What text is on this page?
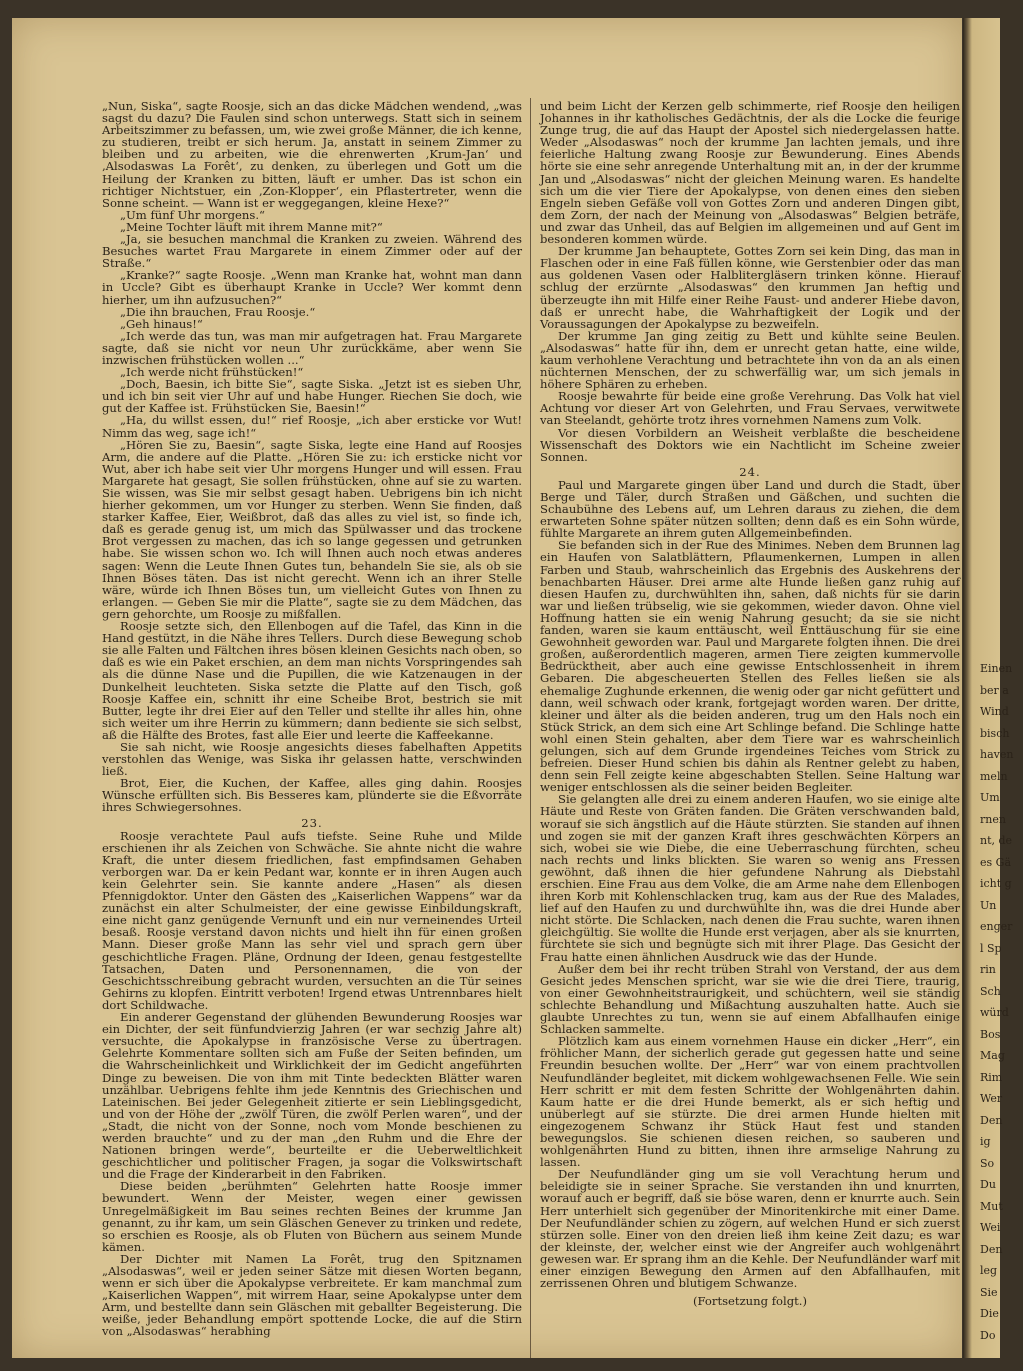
„Nun, Siska“, sagte Roosje, sich an das dicke Mädchen wendend, „was sagst du dazu? Die Faulen sind schon unterwegs. Statt sich in seinem Arbeitszimmer zu befassen, um, wie zwei große Männer, die ich kenne, zu studieren, treibt er sich herum. Ja, anstatt in seinem Zimmer zu bleiben und zu arbeiten, wie die ehrenwerten ‚Krum-Jan‘ und ‚Alsodaswas La Forêt‘, zu denken, zu überlegen und Gott um die Heilung der Kranken zu bitten, läuft er umher. Das ist schon ein richtiger Nichtstuer, ein ‚Zon-Klopper‘, ein Pflastertreter, wenn die Sonne scheint. — Wann ist er weggegangen, kleine Hexe?“

„Um fünf Uhr morgens.“

„Meine Tochter läuft mit ihrem Manne mit?“

„Ja, sie besuchen manchmal die Kranken zu zweien. Während des Besuches wartet Frau Margarete in einem Zimmer oder auf der Straße.“

„Kranke?“ sagte Roosje. „Wenn man Kranke hat, wohnt man dann in Uccle? Gibt es überhaupt Kranke in Uccle? Wer kommt denn hierher, um ihn aufzusuchen?“

„Die ihn brauchen, Frau Roosje.“

„Geh hinaus!“

„Ich werde das tun, was man mir aufgetragen hat. Frau Margarete sagte, daß sie nicht vor neun Uhr zurückkäme, aber wenn Sie inzwischen frühstücken wollen ...“

„Ich werde nicht frühstücken!“

„Doch, Baesin, ich bitte Sie“, sagte Siska. „Jetzt ist es sieben Uhr, und ich bin seit vier Uhr auf und habe Hunger. Riechen Sie doch, wie gut der Kaffee ist. Frühstücken Sie, Baesin!“

„Ha, du willst essen, du!“ rief Roosje, „ich aber ersticke vor Wut! Nimm das weg, sage ich!“

„Hören Sie zu, Baesin“, sagte Siska, legte eine Hand auf Roosjes Arm, die andere auf die Platte. „Hören Sie zu: ich ersticke nicht vor Wut, aber ich habe seit vier Uhr morgens Hunger und will essen. Frau Margarete hat gesagt, Sie sollen frühstücken, ohne auf sie zu warten. Sie wissen, was Sie mir selbst gesagt haben. Uebrigens bin ich nicht hierher gekommen, um vor Hunger zu sterben. Wenn Sie finden, daß starker Kaffee, Eier, Weißbrot, daß das alles zu viel ist, so finde ich, daß es gerade genug ist, um mich das Spülwasser und das trockene Brot vergessen zu machen, das ich so lange gegessen und getrunken habe. Sie wissen schon wo. Ich will Ihnen auch noch etwas anderes sagen: Wenn die Leute Ihnen Gutes tun, behandeln Sie sie, als ob sie Ihnen Böses täten. Das ist nicht gerecht. Wenn ich an ihrer Stelle wäre, würde ich Ihnen Böses tun, um vielleicht Gutes von Ihnen zu erlangen. — Geben Sie mir die Platte“, sagte sie zu dem Mädchen, das gern gehorchte, um Roosje zu mißfallen.

Roosje setzte sich, den Ellenbogen auf die Tafel, das Kinn in die Hand gestützt, in die Nähe ihres Tellers. Durch diese Bewegung schob sie alle Falten und Fältchen ihres bösen kleinen Gesichts nach oben, so daß es wie ein Paket erschien, an dem man nichts Vorspringendes sah als die dünne Nase und die Pupillen, die wie Katzenaugen in der Dunkelheit leuchteten. Siska setzte die Platte auf den Tisch, goß Roosje Kaffee ein, schnitt ihr eine Scheibe Brot, bestrich sie mit Butter, legte ihr drei Eier auf den Teller und stellte ihr alles hin, ohne sich weiter um ihre Herrin zu kümmern; dann bediente sie sich selbst, aß die Hälfte des Brotes, fast alle Eier und leerte die Kaffeekanne.

Sie sah nicht, wie Roosje angesichts dieses fabelhaften Appetits verstohlen das Wenige, was Siska ihr gelassen hatte, verschwinden ließ.

Brot, Eier, die Kuchen, der Kaffee, alles ging dahin. Roosjes Wünsche erfüllten sich. Bis Besseres kam, plünderte sie die Eßvorräte ihres Schwiegersohnes.

23.

Roosje verachtete Paul aufs tiefste. Seine Ruhe und Milde erschienen ihr als Zeichen von Schwäche. Sie ahnte nicht die wahre Kraft, die unter diesem friedlichen, fast empfindsamen Gehaben verborgen war. Da er kein Pedant war, konnte er in ihren Augen auch kein Gelehrter sein. Sie kannte andere „Hasen“ als diesen Pfennigdoktor. Unter den Gästen des „Kaiserlichen Wappens“ war da zunächst ein alter Schulmeister, der eine gewisse Einbildungskraft, eine nicht ganz genügende Vernunft und ein nur verneinendes Urteil besaß. Roosje verstand davon nichts und hielt ihn für einen großen Mann. Dieser große Mann las sehr viel und sprach gern über geschichtliche Fragen. Pläne, Ordnung der Ideen, genau festgestellte Tatsachen, Daten und Personennamen, die von der Geschichtsschreibung gebracht wurden, versuchten an die Tür seines Gehirns zu klopfen. Eintritt verboten! Irgend etwas Untrennbares hielt dort Schildwache.

Ein anderer Gegenstand der glühenden Bewunderung Roosjes war ein Dichter, der seit fünfundvierzig Jahren (er war sechzig Jahre alt) versuchte, die Apokalypse in französische Verse zu übertragen. Gelehrte Kommentare sollten sich am Fuße der Seiten befinden, um die Wahrscheinlichkeit und Wirklichkeit der im Gedicht angeführten Dinge zu beweisen. Die von ihm mit Tinte bedeckten Blätter waren unzählbar. Uebrigens fehlte ihm jede Kenntnis des Griechischen und Lateinischen. Bei jeder Gelegenheit zitierte er sein Lieblingsgedicht, und von der Höhe der „zwölf Türen, die zwölf Perlen waren“, und der „Stadt, die nicht von der Sonne, noch vom Monde beschienen zu werden brauchte“ und zu der man „den Ruhm und die Ehre der Nationen bringen werde“, beurteilte er die Ueberweltlichkeit geschichtlicher und politischer Fragen, ja sogar die Volkswirtschaft und die Frage der Kinderarbeit in den Fabriken.

Diese beiden „berühmten“ Gelehrten hatte Roosje immer bewundert. Wenn der Meister, wegen einer gewissen Unregelmäßigkeit im Bau seines rechten Beines der krumme Jan genannt, zu ihr kam, um sein Gläschen Genever zu trinken und redete, so erschien es Roosje, als ob Fluten von Büchern aus seinem Munde kämen.

Der Dichter mit Namen La Forêt, trug den Spitznamen „Alsodaswas“, weil er jeden seiner Sätze mit diesen Worten begann, wenn er sich über die Apokalypse verbreitete. Er kam manchmal zum „Kaiserlichen Wappen“, mit wirrem Haar, seine Apokalypse unter dem Arm, und bestellte dann sein Gläschen mit geballter Begeisterung. Die weiße, jeder Behandlung empört spottende Locke, die auf die Stirn von „Alsodaswas“ herabhing

und beim Licht der Kerzen gelb schimmerte, rief Roosje den heiligen Johannes in ihr katholisches Gedächtnis, der als die Locke die feurige Zunge trug, die auf das Haupt der Apostel sich niedergelassen hatte. Weder „Alsodaswas“ noch der krumme Jan lachten jemals, und ihre feierliche Haltung zwang Roosje zur Bewunderung. Eines Abends hörte sie eine sehr anregende Unterhaltung mit an, in der der krumme Jan und „Alsodaswas“ nicht der gleichen Meinung waren. Es handelte sich um die vier Tiere der Apokalypse, von denen eines den sieben Engeln sieben Gefäße voll von Gottes Zorn und anderen Dingen gibt, dem Zorn, der nach der Meinung von „Alsodaswas“ Belgien beträfe, und zwar das Unheil, das auf Belgien im allgemeinen und auf Gent im besonderen kommen würde.

Der krumme Jan behauptete, Gottes Zorn sei kein Ding, das man in Flaschen oder in eine Faß füllen könne, wie Gerstenbier oder das man aus goldenen Vasen oder Halblitergläsern trinken könne. Hierauf schlug der erzürnte „Alsodaswas“ den krummen Jan heftig und überzeugte ihn mit Hilfe einer Reihe Faust- und anderer Hiebe davon, daß er unrecht habe, die Wahrhaftigkeit der Logik und der Voraussagungen der Apokalypse zu bezweifeln.

Der krumme Jan ging zeitig zu Bett und kühlte seine Beulen. „Alsodaswas“ hatte für ihn, dem er unrecht getan hatte, eine wilde, kaum verhohlene Verachtung und betrachtete ihn von da an als einen nüchternen Menschen, der zu schwerfällig war, um sich jemals in höhere Sphären zu erheben.

Roosje bewahrte für beide eine große Verehrung. Das Volk hat viel Achtung vor dieser Art von Gelehrten, und Frau Servaes, verwitwete van Steelandt, gehörte trotz ihres vornehmen Namens zum Volk.

Vor diesen Vorbildern an Weisheit verblaßte die bescheidene Wissenschaft des Doktors wie ein Nachtlicht im Scheine zweier Sonnen.

24.

Paul und Margarete gingen über Land und durch die Stadt, über Berge und Täler, durch Straßen und Gäßchen, und suchten die Schaubühne des Lebens auf, um Lehren daraus zu ziehen, die dem erwarteten Sohne später nützen sollten; denn daß es ein Sohn würde, fühlte Margarete an ihrem guten Allgemeinbefinden.

Sie befanden sich in der Rue des Minimes. Neben dem Brunnen lag ein Haufen von Salatblättern, Pflaumenkernen, Lumpen in allen Farben und Staub, wahrscheinlich das Ergebnis des Auskehrens der benachbarten Häuser. Drei arme alte Hunde ließen ganz ruhig auf diesen Haufen zu, durchwühlten ihn, sahen, daß nichts für sie darin war und ließen trübselig, wie sie gekommen, wieder davon. Ohne viel Hoffnung hatten sie ein wenig Nahrung gesucht; da sie sie nicht fanden, waren sie kaum enttäuscht, weil Enttäuschung für sie eine Gewohnheit geworden war. Paul und Margarete folgten ihnen. Die drei großen, außerordentlich mageren, armen Tiere zeigten kummervolle Bedrücktheit, aber auch eine gewisse Entschlossenheit in ihrem Gebaren. Die abgescheuerten Stellen des Felles ließen sie als ehemalige Zughunde erkennen, die wenig oder gar nicht gefüttert und dann, weil schwach oder krank, fortgejagt worden waren. Der dritte, kleiner und älter als die beiden anderen, trug um den Hals noch ein Stück Strick, an dem sich eine Art Schlinge befand. Die Schlinge hatte wohl einen Stein gehalten, aber dem Tiere war es wahrscheinlich gelungen, sich auf dem Grunde irgendeines Teiches vom Strick zu befreien. Dieser Hund schien bis dahin als Rentner gelebt zu haben, denn sein Fell zeigte keine abgeschabten Stellen. Seine Haltung war weniger entschlossen als die seiner beiden Begleiter.

Sie gelangten alle drei zu einem anderen Haufen, wo sie einige alte Häute und Reste von Gräten fanden. Die Gräten verschwanden bald, worauf sie sich ängstlich auf die Häute stürzten. Sie standen auf ihnen und zogen sie mit der ganzen Kraft ihres geschwächten Körpers an sich, wobei sie wie Diebe, die eine Ueberraschung fürchten, scheu nach rechts und links blickten. Sie waren so wenig ans Fressen gewöhnt, daß ihnen die hier gefundene Nahrung als Diebstahl erschien. Eine Frau aus dem Volke, die am Arme nahe dem Ellenbogen ihren Korb mit Kohlenschlacken trug, kam aus der Rue des Malades, lief auf den Haufen zu und durchwühlte ihn, was die drei Hunde aber nicht störte. Die Schlacken, nach denen die Frau suchte, waren ihnen gleichgültig. Sie wollte die Hunde erst verjagen, aber als sie knurrten, fürchtete sie sich und begnügte sich mit ihrer Plage. Das Gesicht der Frau hatte einen ähnlichen Ausdruck wie das der Hunde.

Außer dem bei ihr recht trüben Strahl von Verstand, der aus dem Gesicht jedes Menschen spricht, war sie wie die drei Tiere, traurig, von einer Gewohnheitstraurigkeit, und schüchtern, weil sie ständig schlechte Behandlung und Mißachtung auszuhalten hatte. Auch sie glaubte Unrechtes zu tun, wenn sie auf einem Abfallhaufen einige Schlacken sammelte.

Plötzlich kam aus einem vornehmen Hause ein dicker „Herr“, ein fröhlicher Mann, der sicherlich gerade gut gegessen hatte und seine Freundin besuchen wollte. Der „Herr“ war von einem prachtvollen Neufundländer begleitet, mit dickem wohlgewachsenen Felle. Wie sein Herr schritt er mit dem festen Schritte der Wohlgenährten dahin. Kaum hatte er die drei Hunde bemerkt, als er sich heftig und unüberlegt auf sie stürzte. Die drei armen Hunde hielten mit eingezogenem Schwanz ihr Stück Haut fest und standen bewegungslos. Sie schienen diesen reichen, so sauberen und wohlgenährten Hund zu bitten, ihnen ihre armselige Nahrung zu lassen.

Der Neufundländer ging um sie voll Verachtung herum und beleidigte sie in seiner Sprache. Sie verstanden ihn und knurrten, worauf auch er begriff, daß sie böse waren, denn er knurrte auch. Sein Herr unterhielt sich gegenüber der Minoritenkirche mit einer Dame. Der Neufundländer schien zu zögern, auf welchen Hund er sich zuerst stürzen solle. Einer von den dreien ließ ihm keine Zeit dazu; es war der kleinste, der, welcher einst wie der Angreifer auch wohlgenährt gewesen war. Er sprang ihm an die Kehle. Der Neufundländer warf mit einer einzigen Bewegung den Armen auf den Abfallhaufen, mit zerrissenen Ohren und blutigem Schwanze.

(Fortsetzung folgt.)

Einen
ber a
Wind
bisch
haven
meln
Um
rnen
nt, de
es Gä
icht g
Un
enger
l Sp
rin
Sch
würd
Bos
Mag
Rim
Wer
Den
ig
So
Du
Mut
Wei
Den
leg
Sie
Die
Do
